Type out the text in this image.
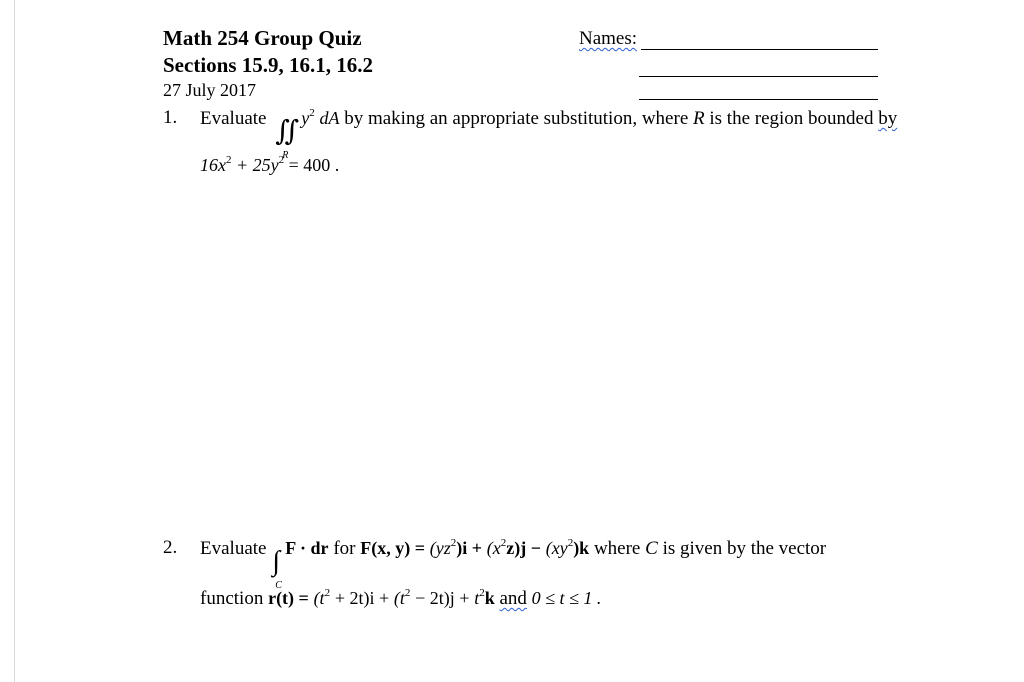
Math 254 Group Quiz
Sections 15.9, 16.1, 16.2
27 July 2017
Names:
1. Evaluate ∬
R
$y^2$ dA by making an appropriate substitution, where R is the region bounded by
$16x^2 + 25y^2 = 400$ .
2. Evaluate ∫
C
F · dr for F(x, $y) = (yz^2)i + (x^2z)j - (xy^2)k$ where C is given by the vector
function $r(t) = (t^2 + 2t)i + (t^2 - 2t)j + t^2k$ and 0 ≤ t ≤ 1 .
